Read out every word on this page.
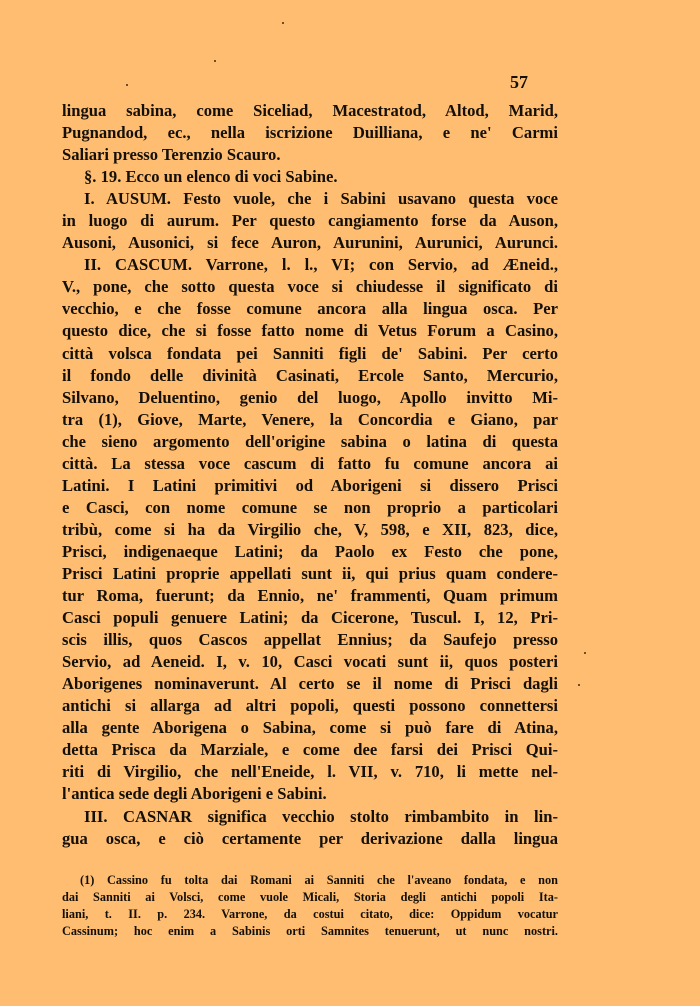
57
lingua sabina, come Siceliad, Macestratod, Altod, Marid,
Pugnandod, ec., nella iscrizione Duilliana, e ne' Carmi
Saliari presso Terenzio Scauro.
§. 19. Ecco un elenco di voci Sabine.
I. AUSUM. Festo vuole, che i Sabini usavano questa voce
in luogo di aurum. Per questo cangiamento forse da Auson,
Ausoni, Ausonici, si fece Auron, Aurunini, Aurunici, Aurunci.
II. CASCUM. Varrone, l. l., VI; con Servio, ad Æneid.,
V., pone, che sotto questa voce si chiudesse il significato di
vecchio, e che fosse comune ancora alla lingua osca. Per
questo dice, che si fosse fatto nome di Vetus Forum a Casino,
città volsca fondata pei Sanniti figli de' Sabini. Per certo
il fondo delle divinità Casinati, Ercole Santo, Mercurio,
Silvano, Deluentino, genio del luogo, Apollo invitto Mi-
tra (1), Giove, Marte, Venere, la Concordia e Giano, par
che sieno argomento dell'origine sabina o latina di questa
città. La stessa voce cascum di fatto fu comune ancora ai
Latini. I Latini primitivi od Aborigeni si dissero Prisci
e Casci, con nome comune se non proprio a particolari
tribù, come si ha da Virgilio che, V, 598, e XII, 823, dice,
Prisci, indigenaeque Latini; da Paolo ex Festo che pone,
Prisci Latini proprie appellati sunt ii, qui prius quam condere-
tur Roma, fuerunt; da Ennio, ne' frammenti, Quam primum
Casci populi genuere Latini; da Cicerone, Tuscul. I, 12, Pri-
scis illis, quos Cascos appellat Ennius; da Saufejo presso
Servio, ad Aeneid. I, v. 10, Casci vocati sunt ii, quos posteri
Aborigenes nominaverunt. Al certo se il nome di Prisci dagli
antichi si allarga ad altri popoli, questi possono connettersi
alla gente Aborigena o Sabina, come si può fare di Atina,
detta Prisca da Marziale, e come dee farsi dei Prisci Qui-
riti di Virgilio, che nell'Eneide, l. VII, v. 710, li mette nel-
l'antica sede degli Aborigeni e Sabini.
III. CASNAR significa vecchio stolto rimbambito in lin-
gua osca, e ciò certamente per derivazione dalla lingua
(1) Cassino fu tolta dai Romani ai Sanniti che l'aveano fondata, e non
dai Sanniti ai Volsci, come vuole Micali, Storia degli antichi popoli Ita-
liani, t. II. p. 234. Varrone, da costui citato, dice: Oppidum vocatur
Cassinum; hoc enim a Sabinis orti Samnites tenuerunt, ut nunc nostri.
